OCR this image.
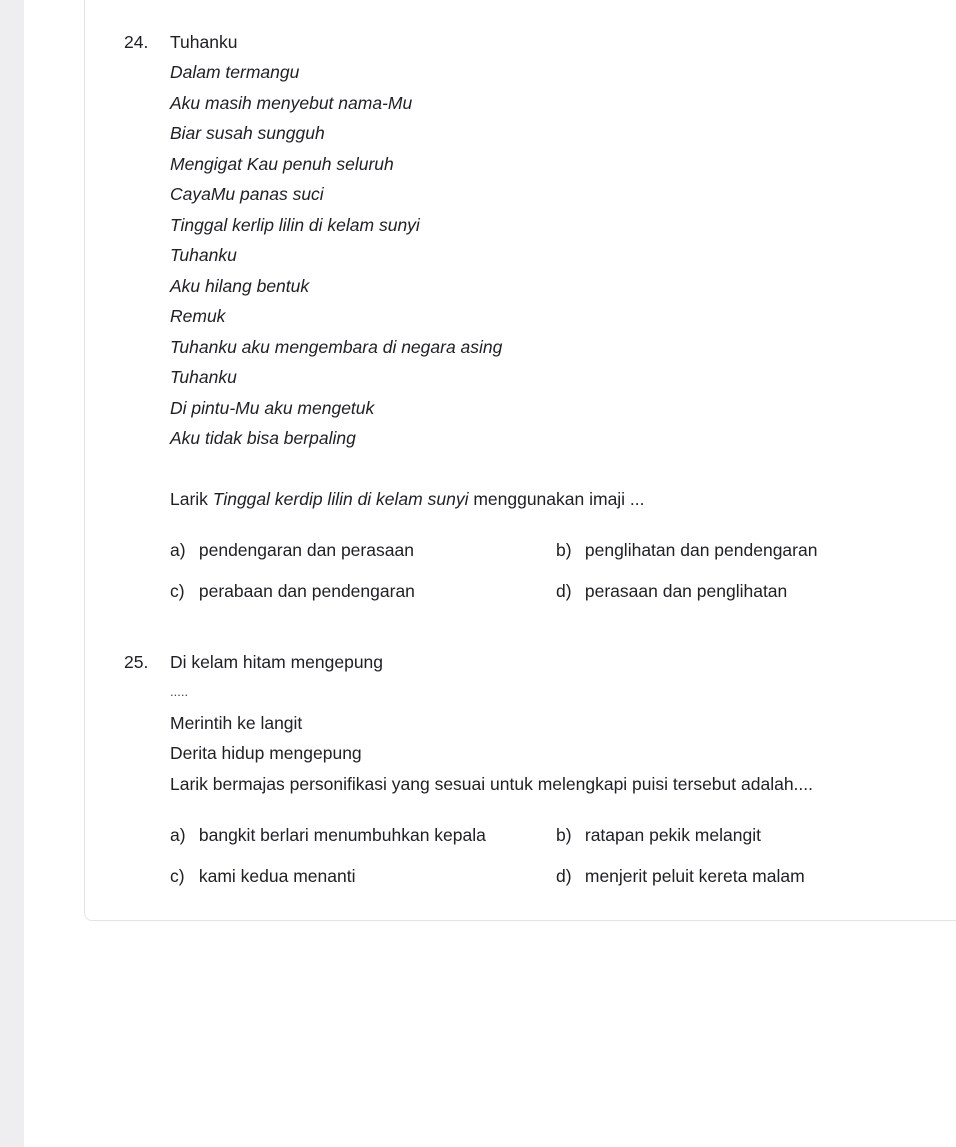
24. Tuhanku
Dalam termangu
Aku masih menyebut nama-Mu
Biar susah sungguh
Mengigat Kau penuh seluruh
CayaMu panas suci
Tinggal kerlip lilin di kelam sunyi
Tuhanku
Aku hilang bentuk
Remuk
Tuhanku aku mengembara di negara asing
Tuhanku
Di pintu-Mu aku mengetuk
Aku tidak bisa berpaling
Larik Tinggal kerdip lilin di kelam sunyi menggunakan imaji ...
a) pendengaran dan perasaan	b) penglihatan dan pendengaran
c) perabaan dan pendengaran	d) perasaan dan penglihatan
25. Di kelam hitam mengepung
.....
Merintih ke langit
Derita hidup mengepung
Larik bermajas personifikasi yang sesuai untuk melengkapi puisi tersebut adalah....
a) bangkit berlari menumbuhkan kepala	b) ratapan pekik melangit
c) kami kedua menanti	d) menjerit peluit kereta malam
